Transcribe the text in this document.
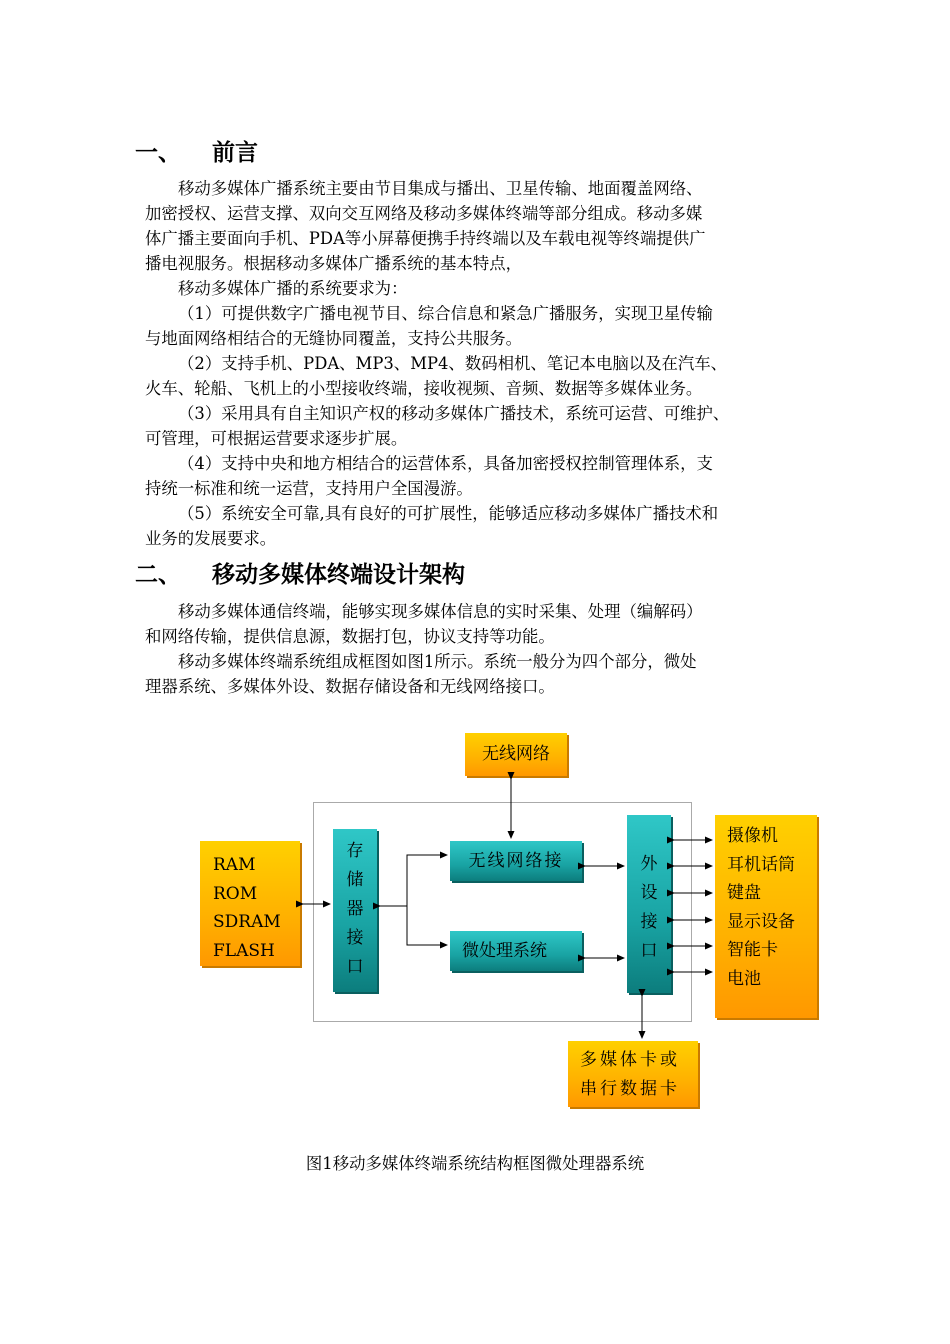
一、 前言
移动多媒体广播系统主要由节目集成与播出、卫星传输、地面覆盖网络、
加密授权、运营支撑、双向交互网络及移动多媒体终端等部分组成。移动多媒
体广播主要面向手机、PDA等小屏幕便携手持终端以及车载电视等终端提供广
播电视服务。根据移动多媒体广播系统的基本特点，
移动多媒体广播的系统要求为：
（1）可提供数字广播电视节目、综合信息和紧急广播服务，实现卫星传输
与地面网络相结合的无缝协同覆盖，支持公共服务。
（2）支持手机、PDA、MP3、MP4、数码相机、笔记本电脑以及在汽车、
火车、轮船、飞机上的小型接收终端，接收视频、音频、数据等多媒体业务。
（3）采用具有自主知识产权的移动多媒体广播技术，系统可运营、可维护、
可管理，可根据运营要求逐步扩展。
（4）支持中央和地方相结合的运营体系，具备加密授权控制管理体系，支
持统一标准和统一运营，支持用户全国漫游。
（5）系统安全可靠,具有良好的可扩展性，能够适应移动多媒体广播技术和
业务的发展要求。
二、 移动多媒体终端设计架构
移动多媒体通信终端，能够实现多媒体信息的实时采集、处理（编解码）
和网络传输，提供信息源，数据打包，协议支持等功能。
移动多媒体终端系统组成框图如图1所示。系统一般分为四个部分，微处
理器系统、多媒体外设、数据存储设备和无线网络接口。
无线网络
RAM
ROM
SDRAM
FLASH
存
储
器
接
口
无线网络接
微处理系统
外
设
接
口
摄像机
耳机话筒
键盘
显示设备
智能卡
电池
多媒体卡或
串行数据卡
图1移动多媒体终端系统结构框图微处理器系统
